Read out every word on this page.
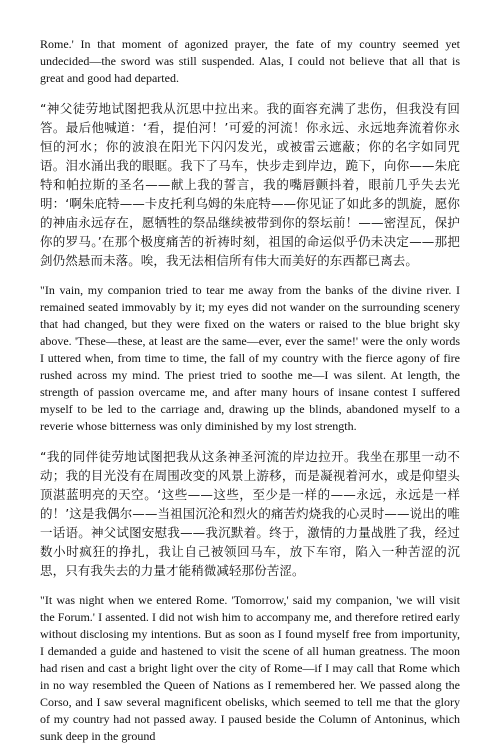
Rome.' In that moment of agonized prayer, the fate of my country seemed yet undecided—the sword was still suspended. Alas, I could not believe that all that is great and good had departed.

“神父徒劳地试图把我从沉思中拉出来。我的面容充满了悲伤，但我没有回答。最后他喊道：‘看，提伯河！’可爱的河流！你永远、永远地奔流着你永恒的河水；你的波浪在阳光下闪闪发光，或被雷云遮蔽；你的名字如同咒语。泪水涌出我的眼眶。我下了马车，快步走到岸边，跪下，向你——朱庇特和帕拉斯的圣名——献上我的誓言，我的嘴唇颤抖着，眼前几乎失去光明：‘啊朱庇特——卡皮托利乌姆的朱庇特——你见证了如此多的凯旋，愿你的神庙永远存在，愿牺牲的祭品继续被带到你的祭坛前！——密涅瓦，保护你的罗马。’在那个极度痛苦的祈祷时刻，祖国的命运似乎仍未决定——那把剑仍然悬而未落。唉，我无法相信所有伟大而美好的东西都已离去。

"In vain, my companion tried to tear me away from the banks of the divine river. I remained seated immovably by it; my eyes did not wander on the surrounding scenery that had changed, but they were fixed on the waters or raised to the blue bright sky above. 'These—these, at least are the same—ever, ever the same!' were the only words I uttered when, from time to time, the fall of my country with the fierce agony of fire rushed across my mind. The priest tried to soothe me—I was silent. At length, the strength of passion overcame me, and after many hours of insane contest I suffered myself to be led to the carriage and, drawing up the blinds, abandoned myself to a reverie whose bitterness was only diminished by my lost strength.

“我的同伴徒劳地试图把我从这条神圣河流的岸边拉开。我坐在那里一动不动；我的目光没有在周围改变的风景上游移，而是凝视着河水，或是仰望头顶湛蓝明亮的天空。‘这些——这些，至少是一样的——永远，永远是一样的！’这是我偶尔——当祖国沉沦和烈火的痛苦灼烧我的心灵时——说出的唯一话语。神父试图安慰我——我沉默着。终于，激情的力量战胜了我，经过数小时疯狂的挣扎，我让自己被领回马车，放下车帘，陷入一种苦涩的沉思，只有我失去的力量才能稍微减轻那份苦涩。

"It was night when we entered Rome. 'Tomorrow,' said my companion, 'we will visit the Forum.' I assented. I did not wish him to accompany me, and therefore retired early without disclosing my intentions. But as soon as I found myself free from importunity, I demanded a guide and hastened to visit the scene of all human greatness. The moon had risen and cast a bright light over the city of Rome—if I may call that Rome which in no way resembled the Queen of Nations as I remembered her. We passed along the Corso, and I saw several magnificent obelisks, which seemed to tell me that the glory of my country had not passed away. I paused beside the Column of Antoninus, which sunk deep in the ground
